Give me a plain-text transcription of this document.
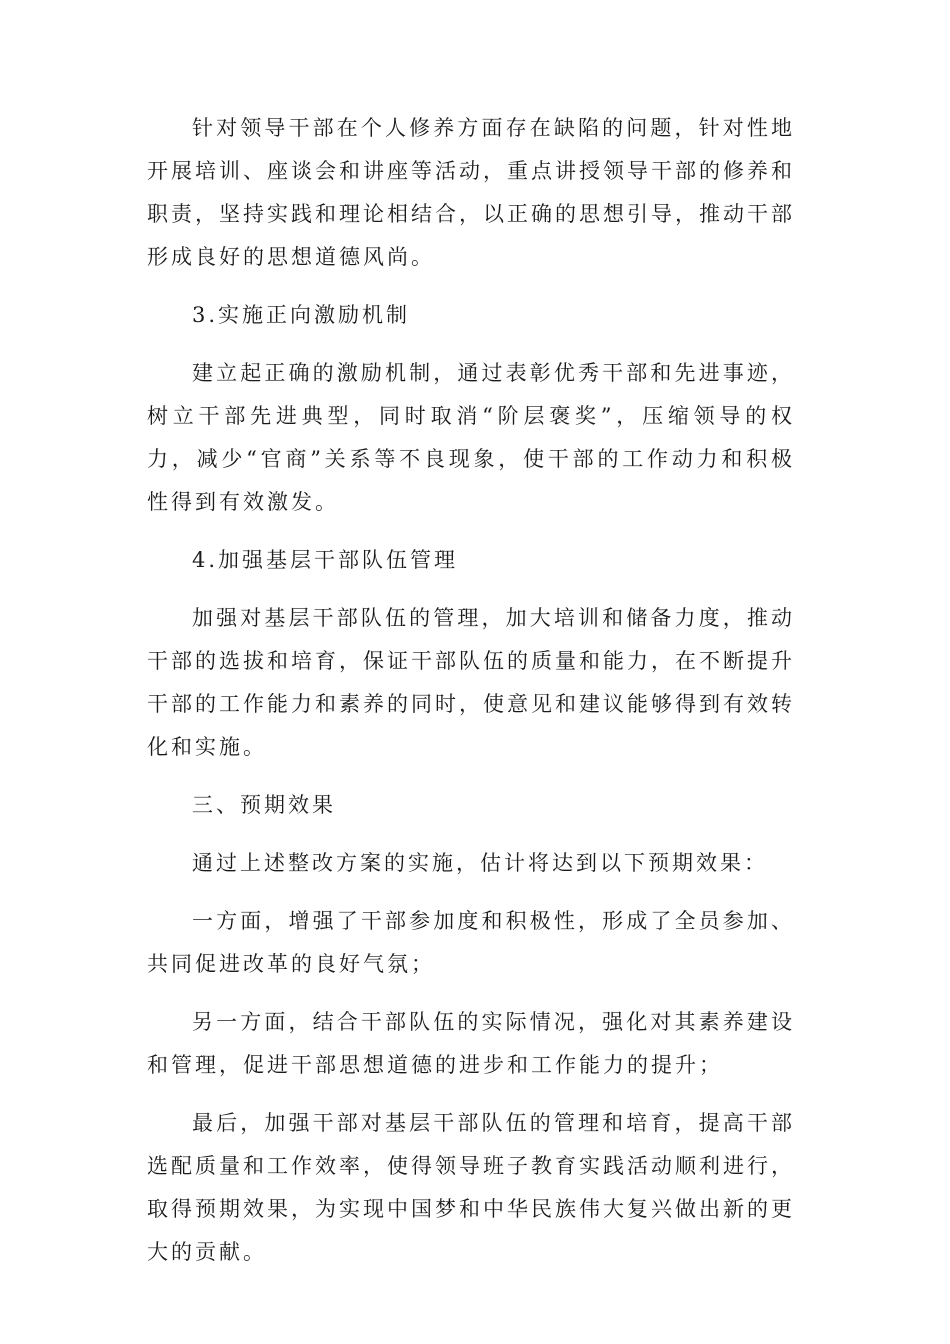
针对领导干部在个人修养方面存在缺陷的问题，针对性地开展培训、座谈会和讲座等活动，重点讲授领导干部的修养和职责，坚持实践和理论相结合，以正确的思想引导，推动干部形成良好的思想道德风尚。

3.实施正向激励机制

建立起正确的激励机制，通过表彰优秀干部和先进事迹，树立干部先进典型，同时取消“阶层褒奖”，压缩领导的权力，减少“官商”关系等不良现象，使干部的工作动力和积极性得到有效激发。

4.加强基层干部队伍管理

加强对基层干部队伍的管理，加大培训和储备力度，推动干部的选拔和培育，保证干部队伍的质量和能力，在不断提升干部的工作能力和素养的同时，使意见和建议能够得到有效转化和实施。

三、预期效果

通过上述整改方案的实施，估计将达到以下预期效果：

一方面，增强了干部参加度和积极性，形成了全员参加、共同促进改革的良好气氛；

另一方面，结合干部队伍的实际情况，强化对其素养建设和管理，促进干部思想道德的进步和工作能力的提升；

最后，加强干部对基层干部队伍的管理和培育，提高干部选配质量和工作效率，使得领导班子教育实践活动顺利进行，取得预期效果，为实现中国梦和中华民族伟大复兴做出新的更大的贡献。
